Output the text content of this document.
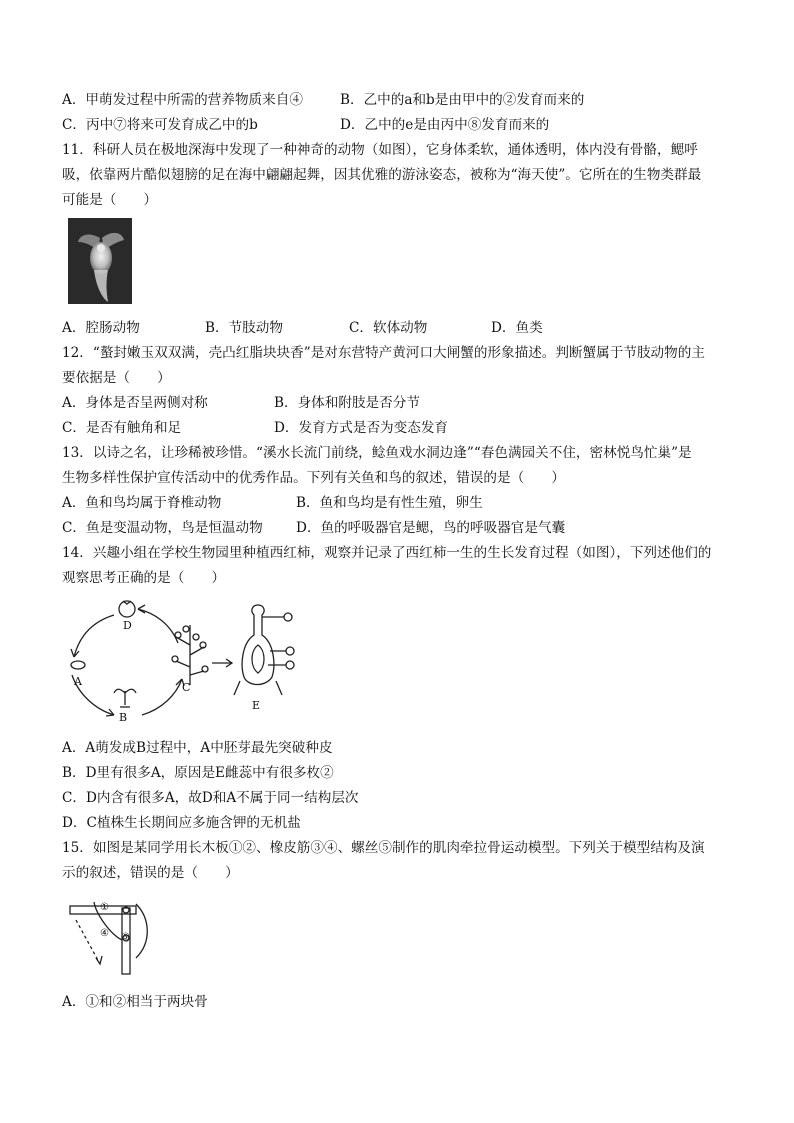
A．甲萌发过程中所需的营养物质来自④	B．乙中的a和b是由甲中的②发育而来的
C．丙中⑦将来可发育成乙中的b	D．乙中的e是由丙中⑧发育而来的
11．科研人员在极地深海中发现了一种神奇的动物（如图），它身体柔软，通体透明，体内没有骨骼，鳃呼
吸，依靠两片酷似翅膀的足在海中翩翩起舞，因其优雅的游泳姿态，被称为“海天使”。它所在的生物类群最
可能是（　　）
A．腔肠动物	B．节肢动物	C．软体动物	D．鱼类
12．“螯封嫩玉双双满，壳凸红脂块块香”是对东营特产黄河口大闸蟹的形象描述。判断蟹属于节肢动物的主
要依据是（　　）
A．身体是否呈两侧对称	B．身体和附肢是否分节
C．是否有触角和足	D．发育方式是否为变态发育
13．以诗之名，让珍稀被珍惜。“溪水长流门前绕，鲶鱼戏水洞边逢”“春色满园关不住，密林悦鸟忙巢”是
生物多样性保护宣传活动中的优秀作品。下列有关鱼和鸟的叙述，错误的是（　　）
A．鱼和鸟均属于脊椎动物	B．鱼和鸟均是有性生殖，卵生
C．鱼是变温动物，鸟是恒温动物 D．鱼的呼吸器官是鳃，鸟的呼吸器官是气囊
14．兴趣小组在学校生物园里种植西红柿，观察并记录了西红柿一生的生长发育过程（如图），下列述他们的
观察思考正确的是（　　）
A
B
C
D
E
A．A萌发成B过程中，A中胚芽最先突破种皮
B．D里有很多A，原因是E雌蕊中有很多枚②
C．D内含有很多A，故D和A不属于同一结构层次
D．C植株生长期间应多施含钾的无机盐
15．如图是某同学用长木板①②、橡皮筋③④、螺丝⑤制作的肌肉牵拉骨运动模型。下列关于模型结构及演
示的叙述，错误的是（　　）
①
④ ⑤
A．①和②相当于两块骨
